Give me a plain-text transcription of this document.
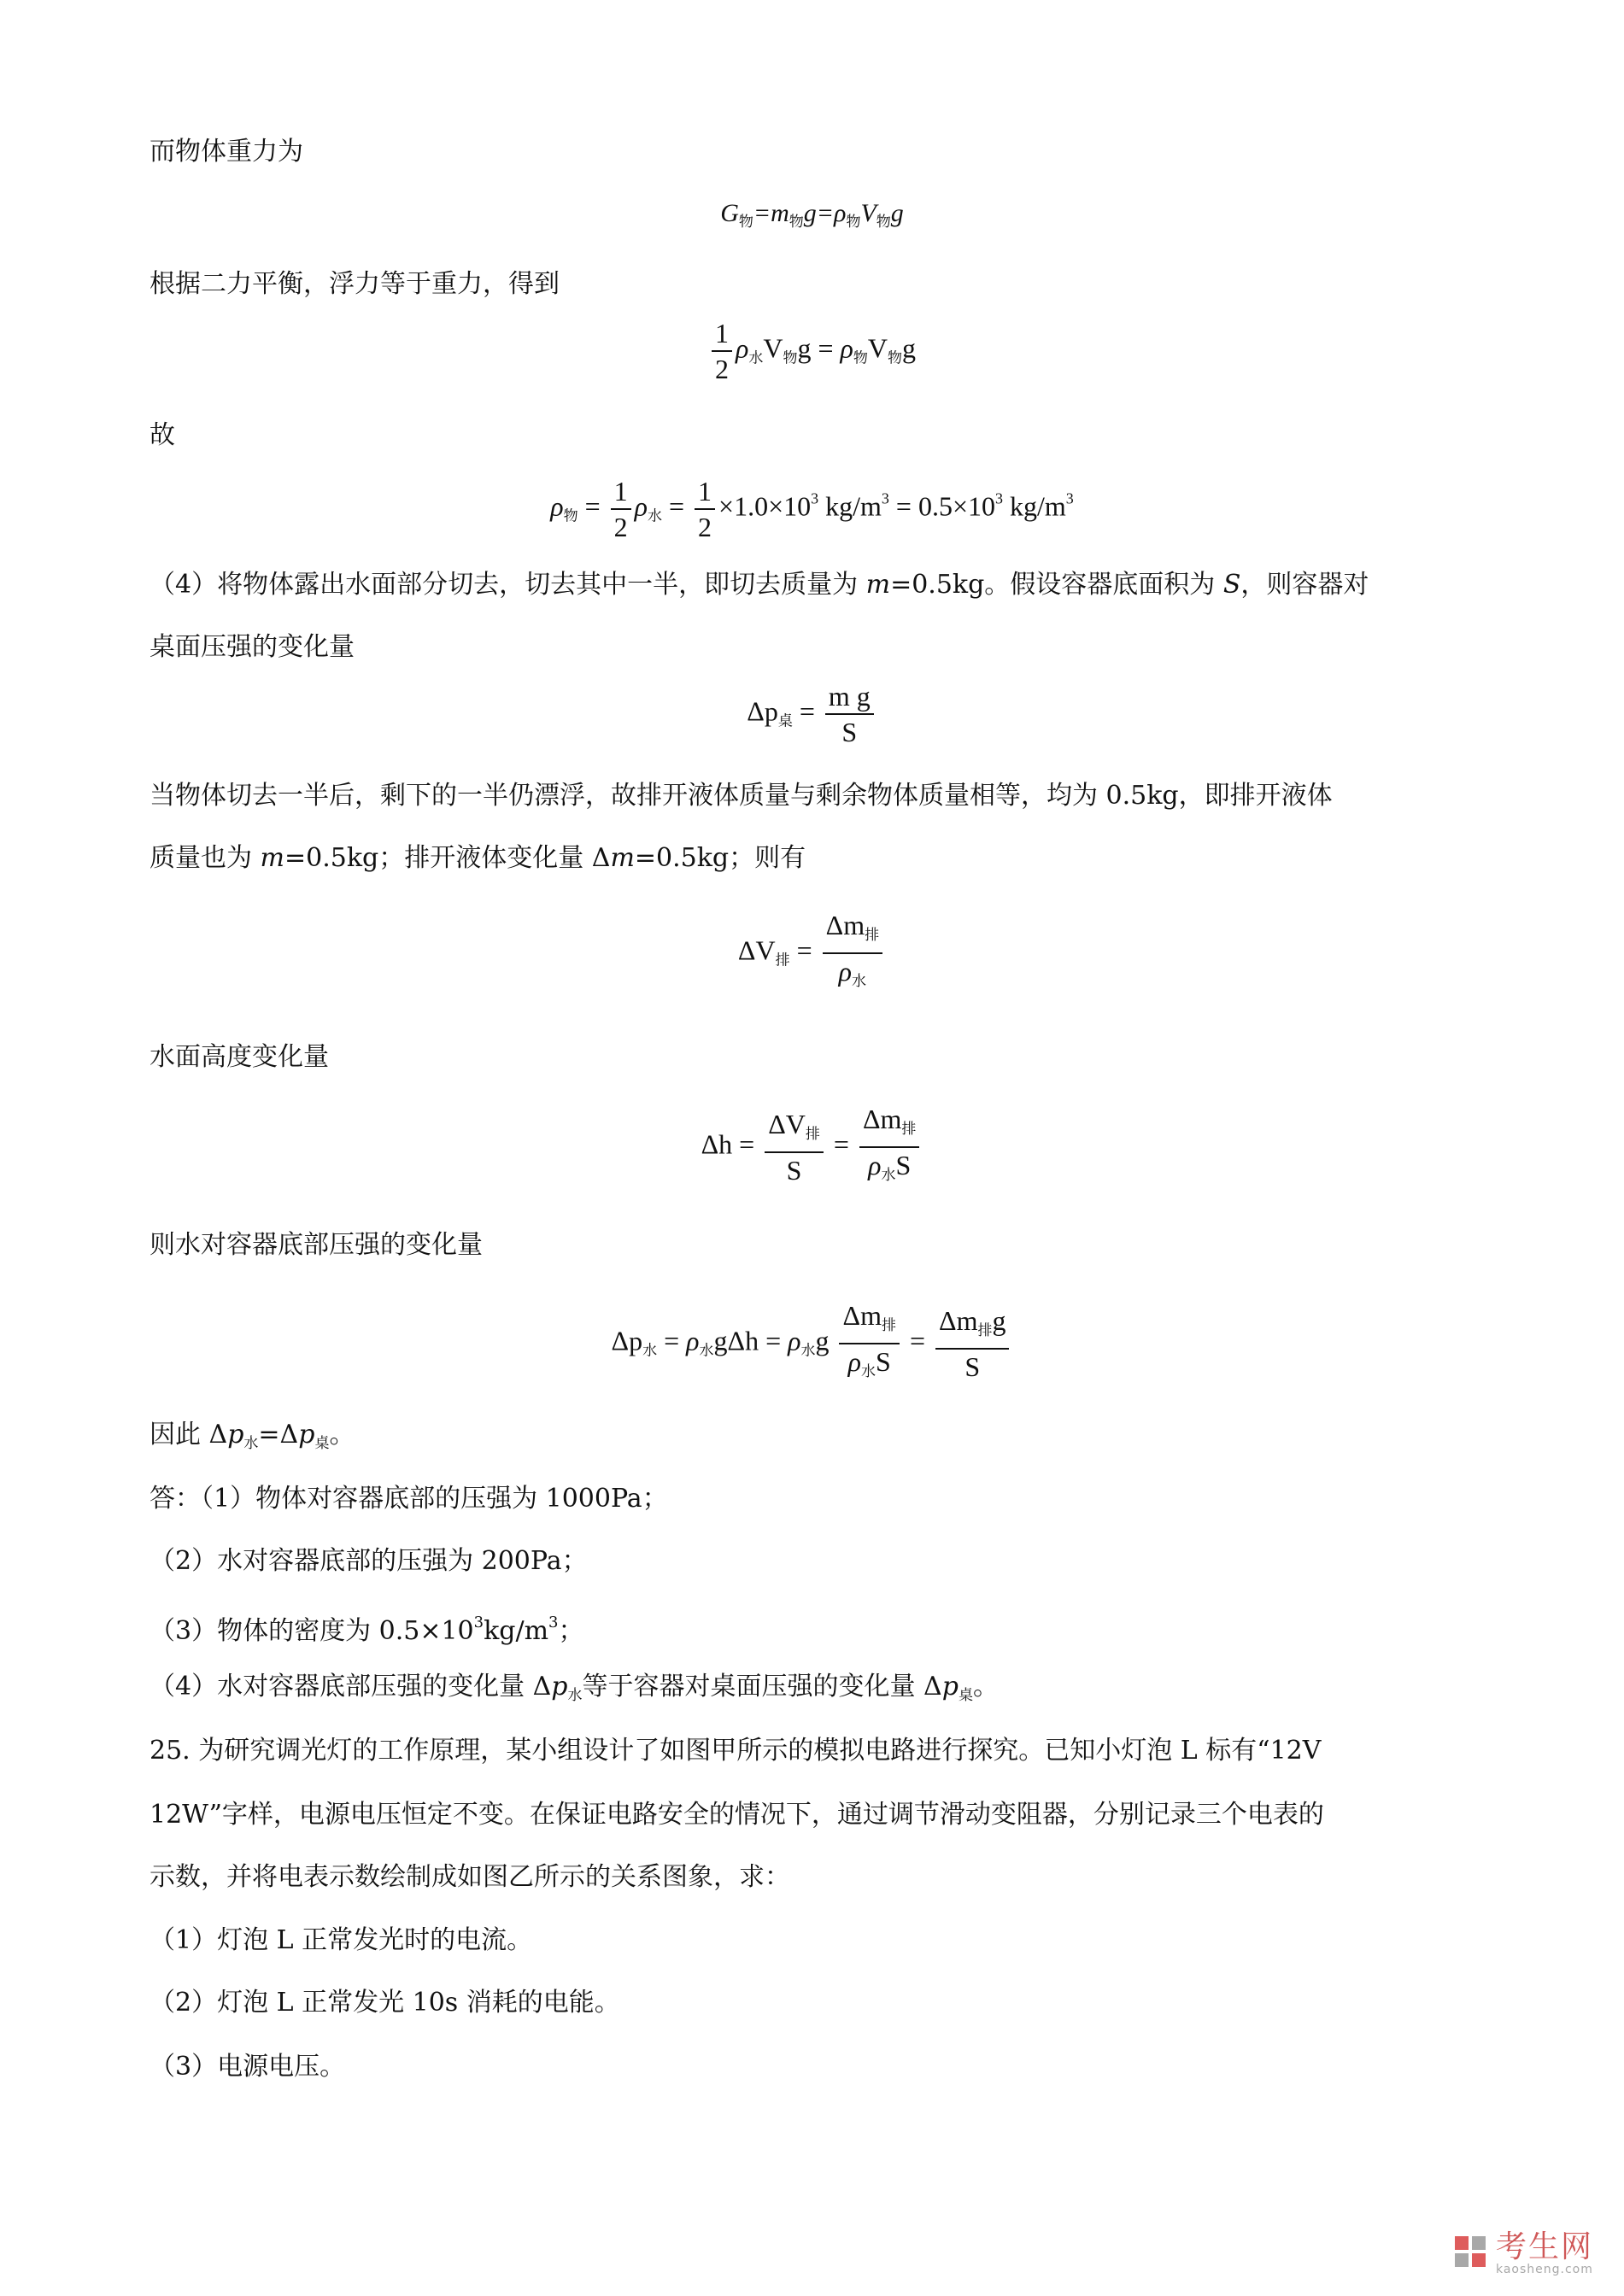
而物体重力为
$G_物=m_物g=\rho_物V_物g$
根据二力平衡，浮力等于重力，得到
$\frac{1}{2} \rho_水V_物g = \rho_物V_物g$
故
$\rho_物 = \frac{1}{2} \rho_水 = \frac{1}{2} \times 1.0\times 10^3$ $kg/m^3 = 0.5\times 10^3$ $kg/m^3$
（4）将物体露出水面部分切去，切去其中一半，即切去质量为 m=0.5kg。假设容器底面积为 S，则容器对
桌面压强的变化量
$\Delta p_桌 = \frac{\text{m g}}{S}$
当物体切去一半后，剩下的一半仍漂浮，故排开液体质量与剩余物体质量相等，均为 0.5kg，即排开液体
质量也为 m=0.5kg；排开液体变化量 Δm=0.5kg；则有
$\Delta V_排 = \frac{\Delta m_排}{\rho_水}$
水面高度变化量
$\Delta h = \frac{\Delta V_排}{S} = \frac{\Delta m_排}{\rho_水S}$
则水对容器底部压强的变化量
$\Delta p_水 = \rho_水g\Delta h = \rho_水g \frac{\Delta m_排}{\rho_水S} = \frac{\Delta m_排g}{S}$
因此 $\Delta p_水=\Delta p_桌$。
答：（1）物体对容器底部的压强为 1000Pa；
（2）水对容器底部的压强为 200Pa；
（3）物体的密度为 $0.5\times 10^3kg/m^3$；
（4）水对容器底部压强的变化量 $\Delta p_水$等于容器对桌面压强的变化量 $\Delta p_桌$。
25. 为研究调光灯的工作原理，某小组设计了如图甲所示的模拟电路进行探究。已知小灯泡 L 标有“12V
12W”字样，电源电压恒定不变。在保证电路安全的情况下，通过调节滑动变阻器，分别记录三个电表的
示数，并将电表示数绘制成如图乙所示的关系图象，求：
（1）灯泡 L 正常发光时的电流。
（2）灯泡 L 正常发光 10s 消耗的电能。
（3）电源电压。
考生网
kaosheng.com
